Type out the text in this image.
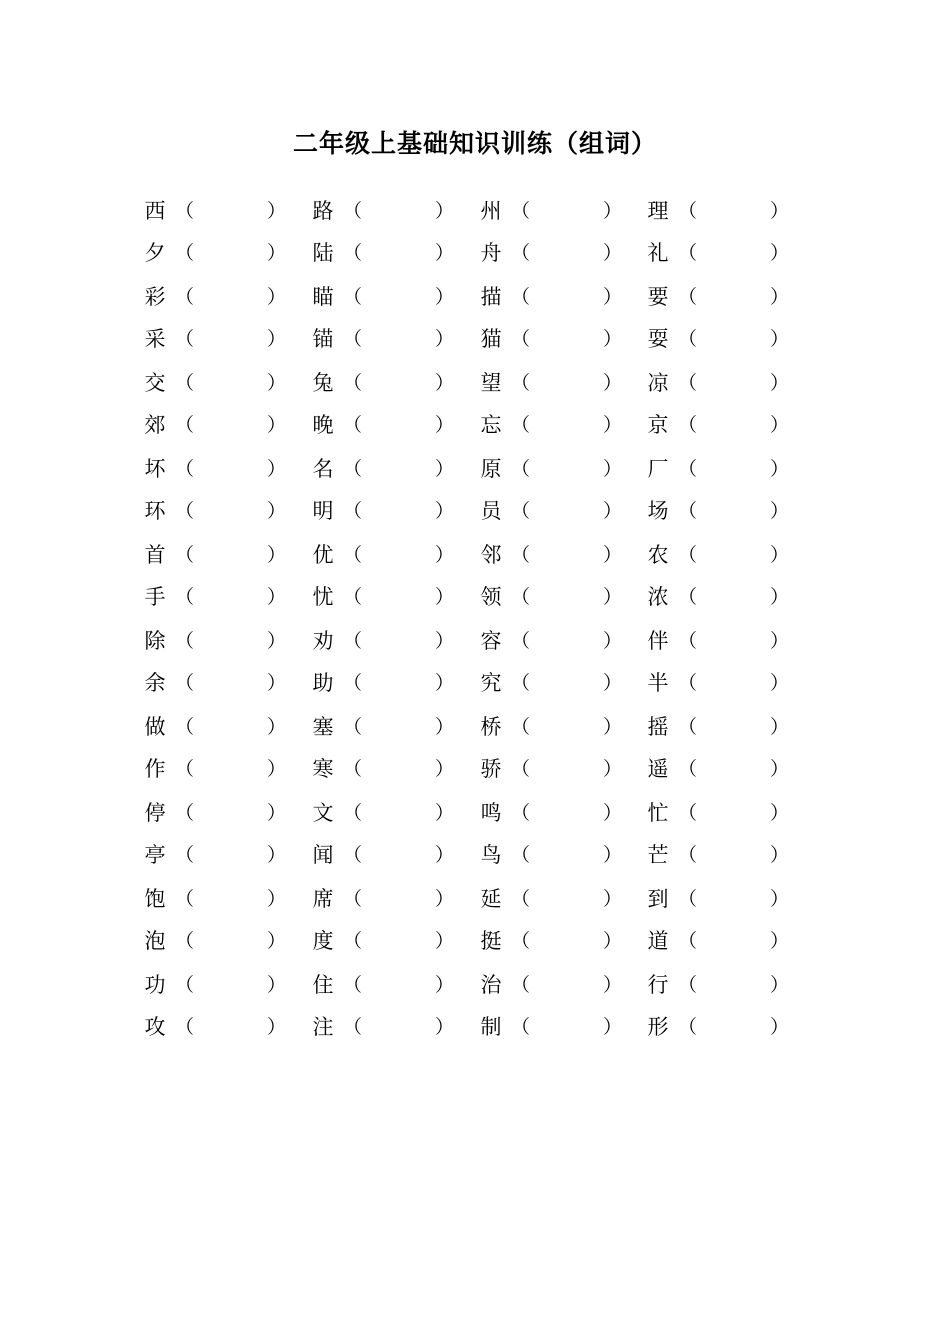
二年级上基础知识训练（组词）
西 （	） 路 （	） 州 （	） 理 （	）
夕 （	） 陆 （	） 舟 （	） 礼 （	）
彩 （	） 瞄 （	） 描 （	） 要 （	）
采 （	） 锚 （	） 猫 （	） 耍 （	）
交 （	） 兔 （	） 望 （	） 凉 （	）
郊 （	） 晚 （	） 忘 （	） 京 （	）
坏 （	） 名 （	） 原 （	） 厂 （	）
环 （	） 明 （	） 员 （	） 场 （	）
首 （	） 优 （	） 邻 （	） 农 （	）
手 （	） 忧 （	） 领 （	） 浓 （	）
除 （	） 劝 （	） 容 （	） 伴 （	）
余 （	） 助 （	） 究 （	） 半 （	）
做 （	） 塞 （	） 桥 （	） 摇 （	）
作 （	） 寒 （	） 骄 （	） 遥 （	）
停 （	） 文 （	） 鸣 （	） 忙 （	）
亭 （	） 闻 （	） 鸟 （	） 芒 （	）
饱 （	） 席 （	） 延 （	） 到 （	）
泡 （	） 度 （	） 挺 （	） 道 （	）
功 （	） 住 （	） 治 （	） 行 （	）
攻 （	） 注 （	） 制 （	） 形 （	）
